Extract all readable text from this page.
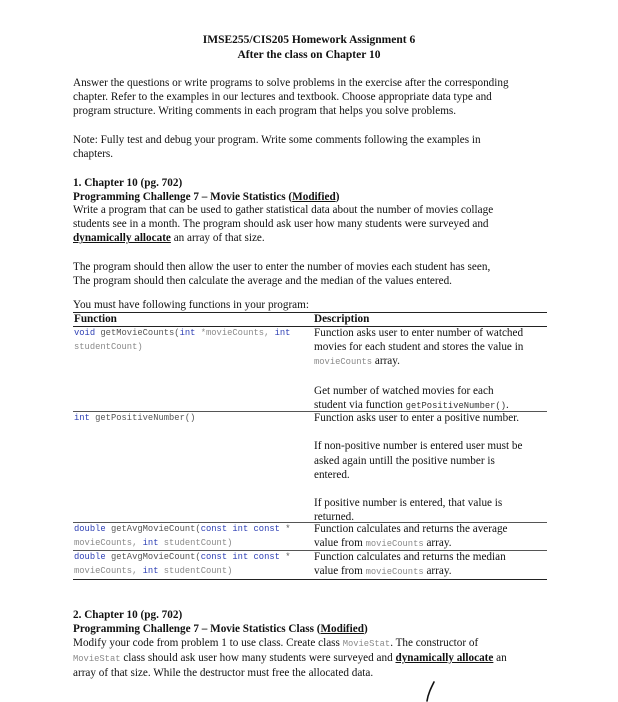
IMSE255/CIS205 Homework Assignment 6
After the class on Chapter 10
Answer the questions or write programs to solve problems in the exercise after the corresponding
chapter. Refer to the examples in our lectures and textbook. Choose appropriate data type and
program structure. Writing comments in each program that helps you solve problems.
Note: Fully test and debug your program. Write some comments following the examples in
chapters.
1. Chapter 10 (pg. 702)
Programming Challenge 7 – Movie Statistics (Modified)
Write a program that can be used to gather statistical data about the number of movies collage
students see in a month. The program should ask user how many students were surveyed and
dynamically allocate an array of that size.
The program should then allow the user to enter the number of movies each student has seen,
The program should then calculate the average and the median of the values entered.
You must have following functions in your program:
Function	Description
void getMovieCounts(int *movieCounts, int
studentCount)
Function asks user to enter number of watched
movies for each student and stores the value in
movieCounts array.
Get number of watched movies for each
student via function getPositiveNumber().
int getPositiveNumber()	Function asks user to enter a positive number.
If non-positive number is entered user must be
asked again untill the positive number is
entered.
If positive number is entered, that value is
returned.
double getAvgMovieCount(const int const *
movieCounts, int studentCount)
Function calculates and returns the average
value from movieCounts array.
double getAvgMovieCount(const int const *
movieCounts, int studentCount)
Function calculates and returns the median
value from movieCounts array.
2. Chapter 10 (pg. 702)
Programming Challenge 7 – Movie Statistics Class (Modified)
Modify your code from problem 1 to use class. Create class MovieStat. The constructor of
MovieStat class should ask user how many students were surveyed and dynamically allocate an
array of that size. While the destructor must free the allocated data.
